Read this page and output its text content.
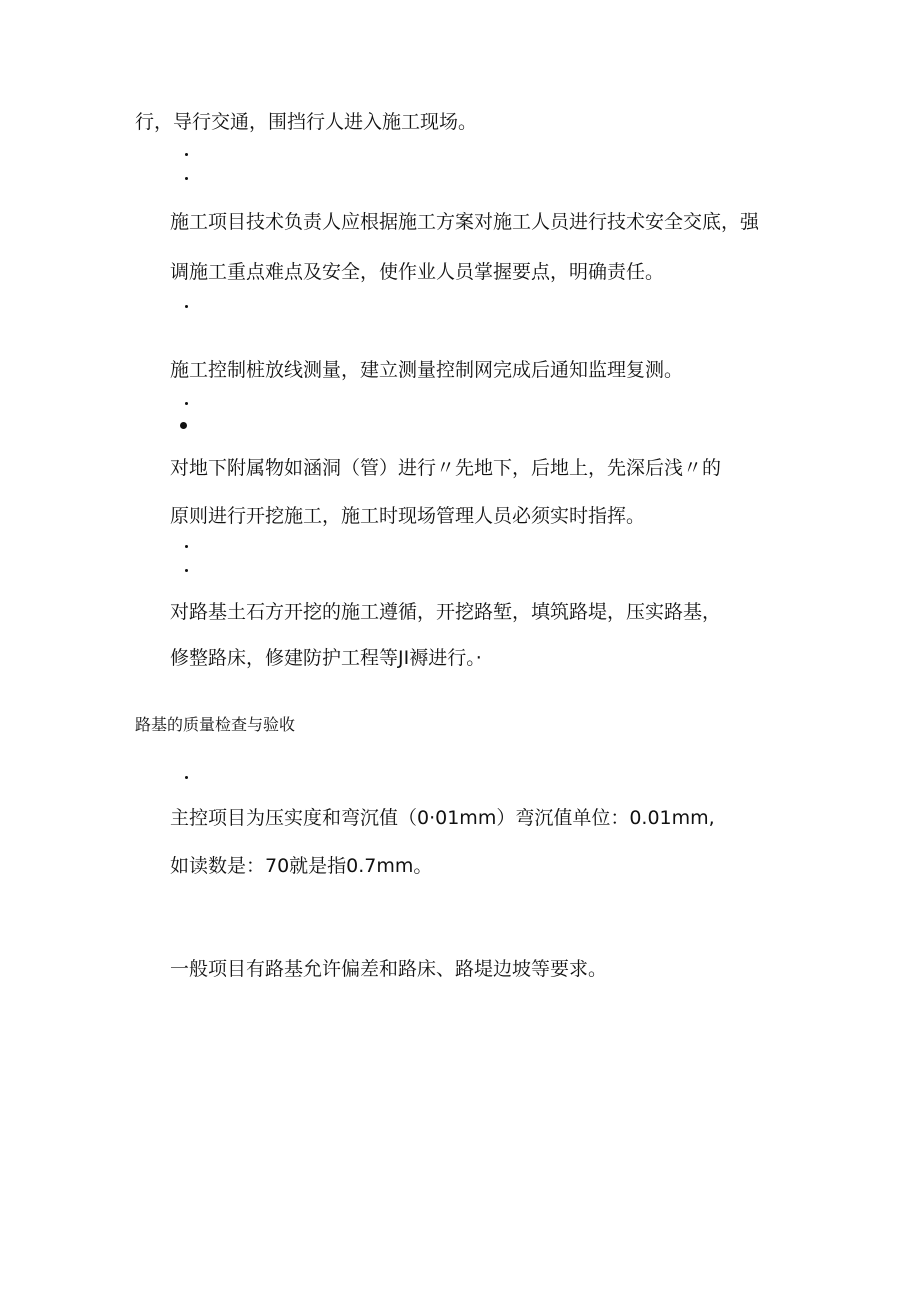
行，导行交通，围挡行人进入施工现场。
施工项目技术负责人应根据施工方案对施工人员进行技术安全交底，强
调施工重点难点及安全，使作业人员掌握要点，明确责任。
施工控制桩放线测量，建立测量控制网完成后通知监理复测。
对地下附属物如涵洞（管）进行〃先地下，后地上，先深后浅〃的
原则进行开挖施工，施工时现场管理人员必须实时指挥。
对路基土石方开挖的施工遵循，开挖路堑，填筑路堤，压实路基，
修整路床，修建防护工程等JI褥进行。·
路基的质量检查与验收
主控项目为压实度和弯沉值（0·01mm）弯沉值单位：0.01mm,
如读数是：70就是指0.7mm。
一般项目有路基允许偏差和路床、路堤边坡等要求。
